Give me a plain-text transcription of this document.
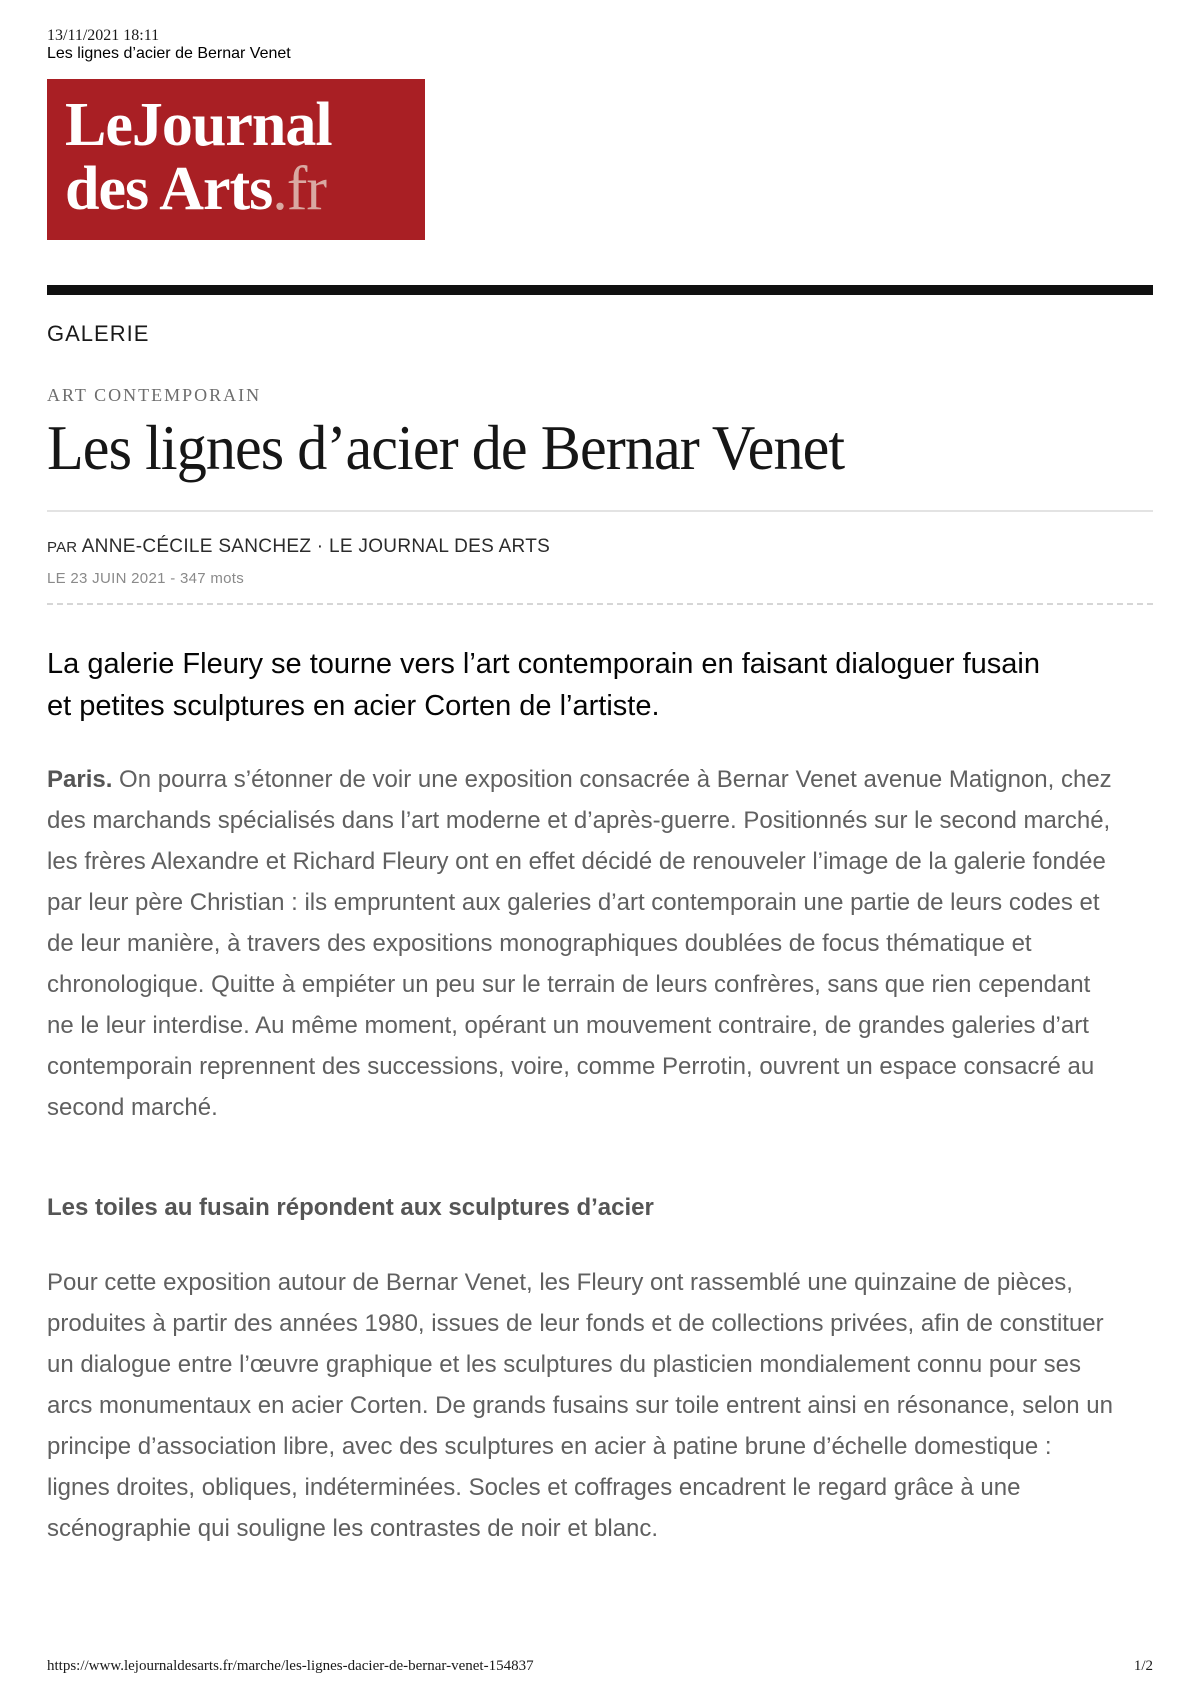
13/11/2021 18:11
Les lignes d’acier de Bernar Venet
LeJournal
des Arts.fr
GALERIE
ART CONTEMPORAIN
Les lignes d’acier de Bernar Venet
PAR ANNE-CÉCILE SANCHEZ · LE JOURNAL DES ARTS
LE 23 JUIN 2021 - 347 mots

La galerie Fleury se tourne vers l’art contemporain en faisant dialoguer fusain et petites sculptures en acier Corten de l’artiste.

Paris. On pourra s’étonner de voir une exposition consacrée à Bernar Venet avenue Matignon, chez des marchands spécialisés dans l’art moderne et d’après-guerre. Positionnés sur le second marché, les frères Alexandre et Richard Fleury ont en effet décidé de renouveler l’image de la galerie fondée par leur père Christian : ils empruntent aux galeries d’art contemporain une partie de leurs codes et de leur manière, à travers des expositions monographiques doublées de focus thématique et chronologique. Quitte à empiéter un peu sur le terrain de leurs confrères, sans que rien cependant ne le leur interdise. Au même moment, opérant un mouvement contraire, de grandes galeries d’art contemporain reprennent des successions, voire, comme Perrotin, ouvrent un espace consacré au second marché.

Les toiles au fusain répondent aux sculptures d’acier

Pour cette exposition autour de Bernar Venet, les Fleury ont rassemblé une quinzaine de pièces, produites à partir des années 1980, issues de leur fonds et de collections privées, afin de constituer un dialogue entre l’œuvre graphique et les sculptures du plasticien mondialement connu pour ses arcs monumentaux en acier Corten. De grands fusains sur toile entrent ainsi en résonance, selon un principe d’association libre, avec des sculptures en acier à patine brune d’échelle domestique : lignes droites, obliques, indéterminées. Socles et coffrages encadrent le regard grâce à une scénographie qui souligne les contrastes de noir et blanc.

https://www.lejournaldesarts.fr/marche/les-lignes-dacier-de-bernar-venet-154837	1/2
